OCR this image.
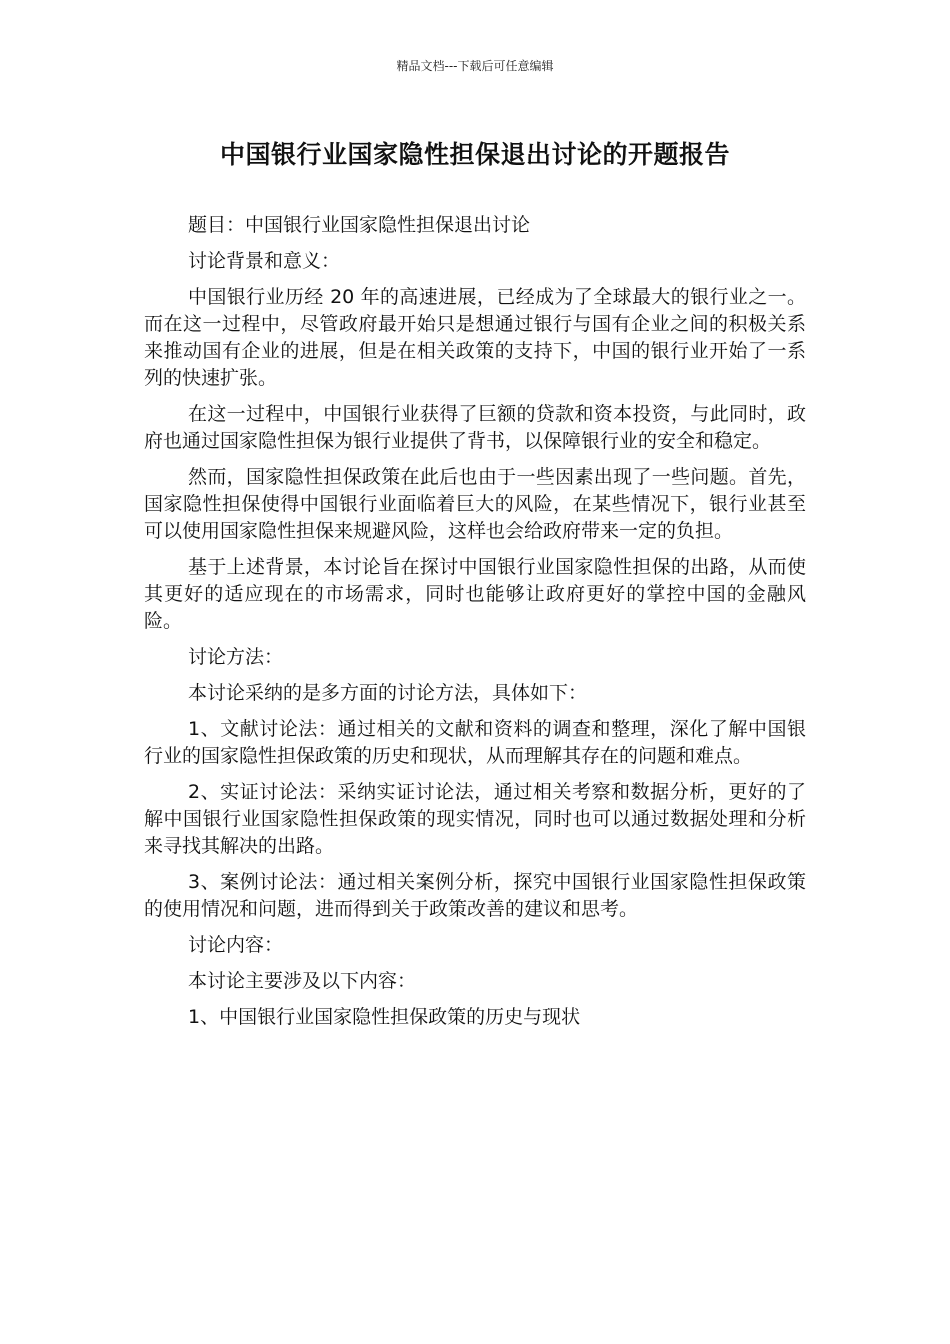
精品文档---下载后可任意编辑
中国银行业国家隐性担保退出讨论的开题报告

题目：中国银行业国家隐性担保退出讨论

讨论背景和意义：

中国银行业历经 20 年的高速进展，已经成为了全球最大的银行业之一。而在这一过程中，尽管政府最开始只是想通过银行与国有企业之间的积极关系来推动国有企业的进展，但是在相关政策的支持下，中国的银行业开始了一系列的快速扩张。

在这一过程中，中国银行业获得了巨额的贷款和资本投资，与此同时，政府也通过国家隐性担保为银行业提供了背书，以保障银行业的安全和稳定。

然而，国家隐性担保政策在此后也由于一些因素出现了一些问题。首先，国家隐性担保使得中国银行业面临着巨大的风险，在某些情况下，银行业甚至可以使用国家隐性担保来规避风险，这样也会给政府带来一定的负担。

基于上述背景，本讨论旨在探讨中国银行业国家隐性担保的出路，从而使其更好的适应现在的市场需求，同时也能够让政府更好的掌控中国的金融风险。

讨论方法：

本讨论采纳的是多方面的讨论方法，具体如下：

1、文献讨论法：通过相关的文献和资料的调查和整理，深化了解中国银行业的国家隐性担保政策的历史和现状，从而理解其存在的问题和难点。

2、实证讨论法：采纳实证讨论法，通过相关考察和数据分析，更好的了解中国银行业国家隐性担保政策的现实情况，同时也可以通过数据处理和分析来寻找其解决的出路。

3、案例讨论法：通过相关案例分析，探究中国银行业国家隐性担保政策的使用情况和问题，进而得到关于政策改善的建议和思考。

讨论内容：

本讨论主要涉及以下内容：

1、中国银行业国家隐性担保政策的历史与现状
